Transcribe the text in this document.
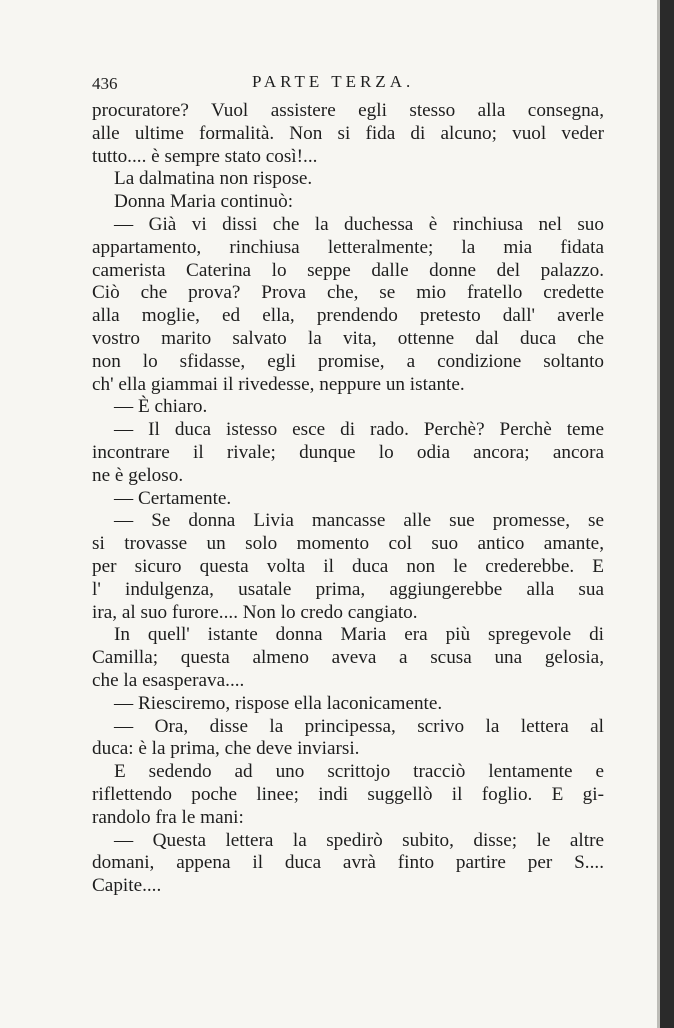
436	PARTE TERZA.
procuratore? Vuol assistere egli stesso alla consegna,
alle ultime formalità. Non si fida di alcuno; vuol veder
tutto.... è sempre stato così!...
La dalmatina non rispose.
Donna Maria continuò:
— Già vi dissi che la duchessa è rinchiusa nel suo
appartamento, rinchiusa letteralmente; la mia fidata
camerista Caterina lo seppe dalle donne del palazzo.
Ciò che prova? Prova che, se mio fratello credette
alla moglie, ed ella, prendendo pretesto dall' averle
vostro marito salvato la vita, ottenne dal duca che
non lo sfidasse, egli promise, a condizione soltanto
ch' ella giammai il rivedesse, neppure un istante.
— È chiaro.
— Il duca istesso esce di rado. Perchè? Perchè teme
incontrare il rivale; dunque lo odia ancora; ancora
ne è geloso.
— Certamente.
— Se donna Livia mancasse alle sue promesse, se
si trovasse un solo momento col suo antico amante,
per sicuro questa volta il duca non le crederebbe. E
l' indulgenza, usatale prima, aggiungerebbe alla sua
ira, al suo furore.... Non lo credo cangiato.
In quell' istante donna Maria era più spregevole di
Camilla; questa almeno aveva a scusa una gelosia,
che la esasperava....
— Riesciremo, rispose ella laconicamente.
— Ora, disse la principessa, scrivo la lettera al
duca: è la prima, che deve inviarsi.
E sedendo ad uno scrittojo tracciò lentamente e
riflettendo poche linee; indi suggellò il foglio. E gi-
randolo fra le mani:
— Questa lettera la spedirò subito, disse; le altre
domani, appena il duca avrà finto partire per S....
Capite....
